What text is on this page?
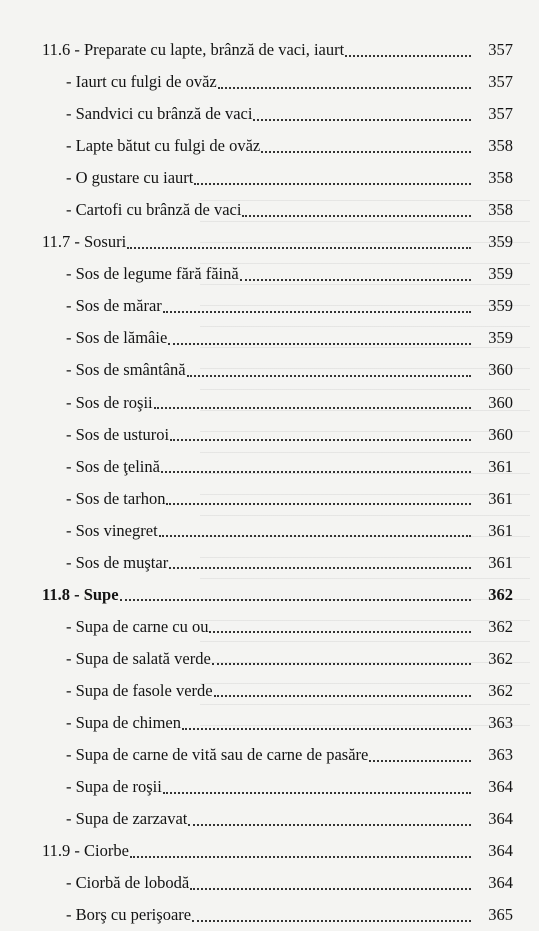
11.6 - Preparate cu lapte, brânză de vaci, iaurt	357
- Iaurt cu fulgi de ovăz	357
- Sandvici cu brânză de vaci	357
- Lapte bătut cu fulgi de ovăz	358
- O gustare cu iaurt	358
- Cartofi cu brânză de vaci	358
11.7 - Sosuri	359
- Sos de legume fără făină	359
- Sos de mărar	359
- Sos de lămâie	359
- Sos de smântână	360
- Sos de roşii	360
- Sos de usturoi	360
- Sos de ţelină	361
- Sos de tarhon	361
- Sos vinegret	361
- Sos de muştar	361
11.8 - Supe	362
- Supa de carne cu ou	362
- Supa de salată verde	362
- Supa de fasole verde	362
- Supa de chimen	363
- Supa de carne de vită sau de carne de pasăre	363
- Supa de roşii	364
- Supa de zarzavat	364
11.9 - Ciorbe	364
- Ciorbă de lobodă	364
- Borş cu perişoare	365
